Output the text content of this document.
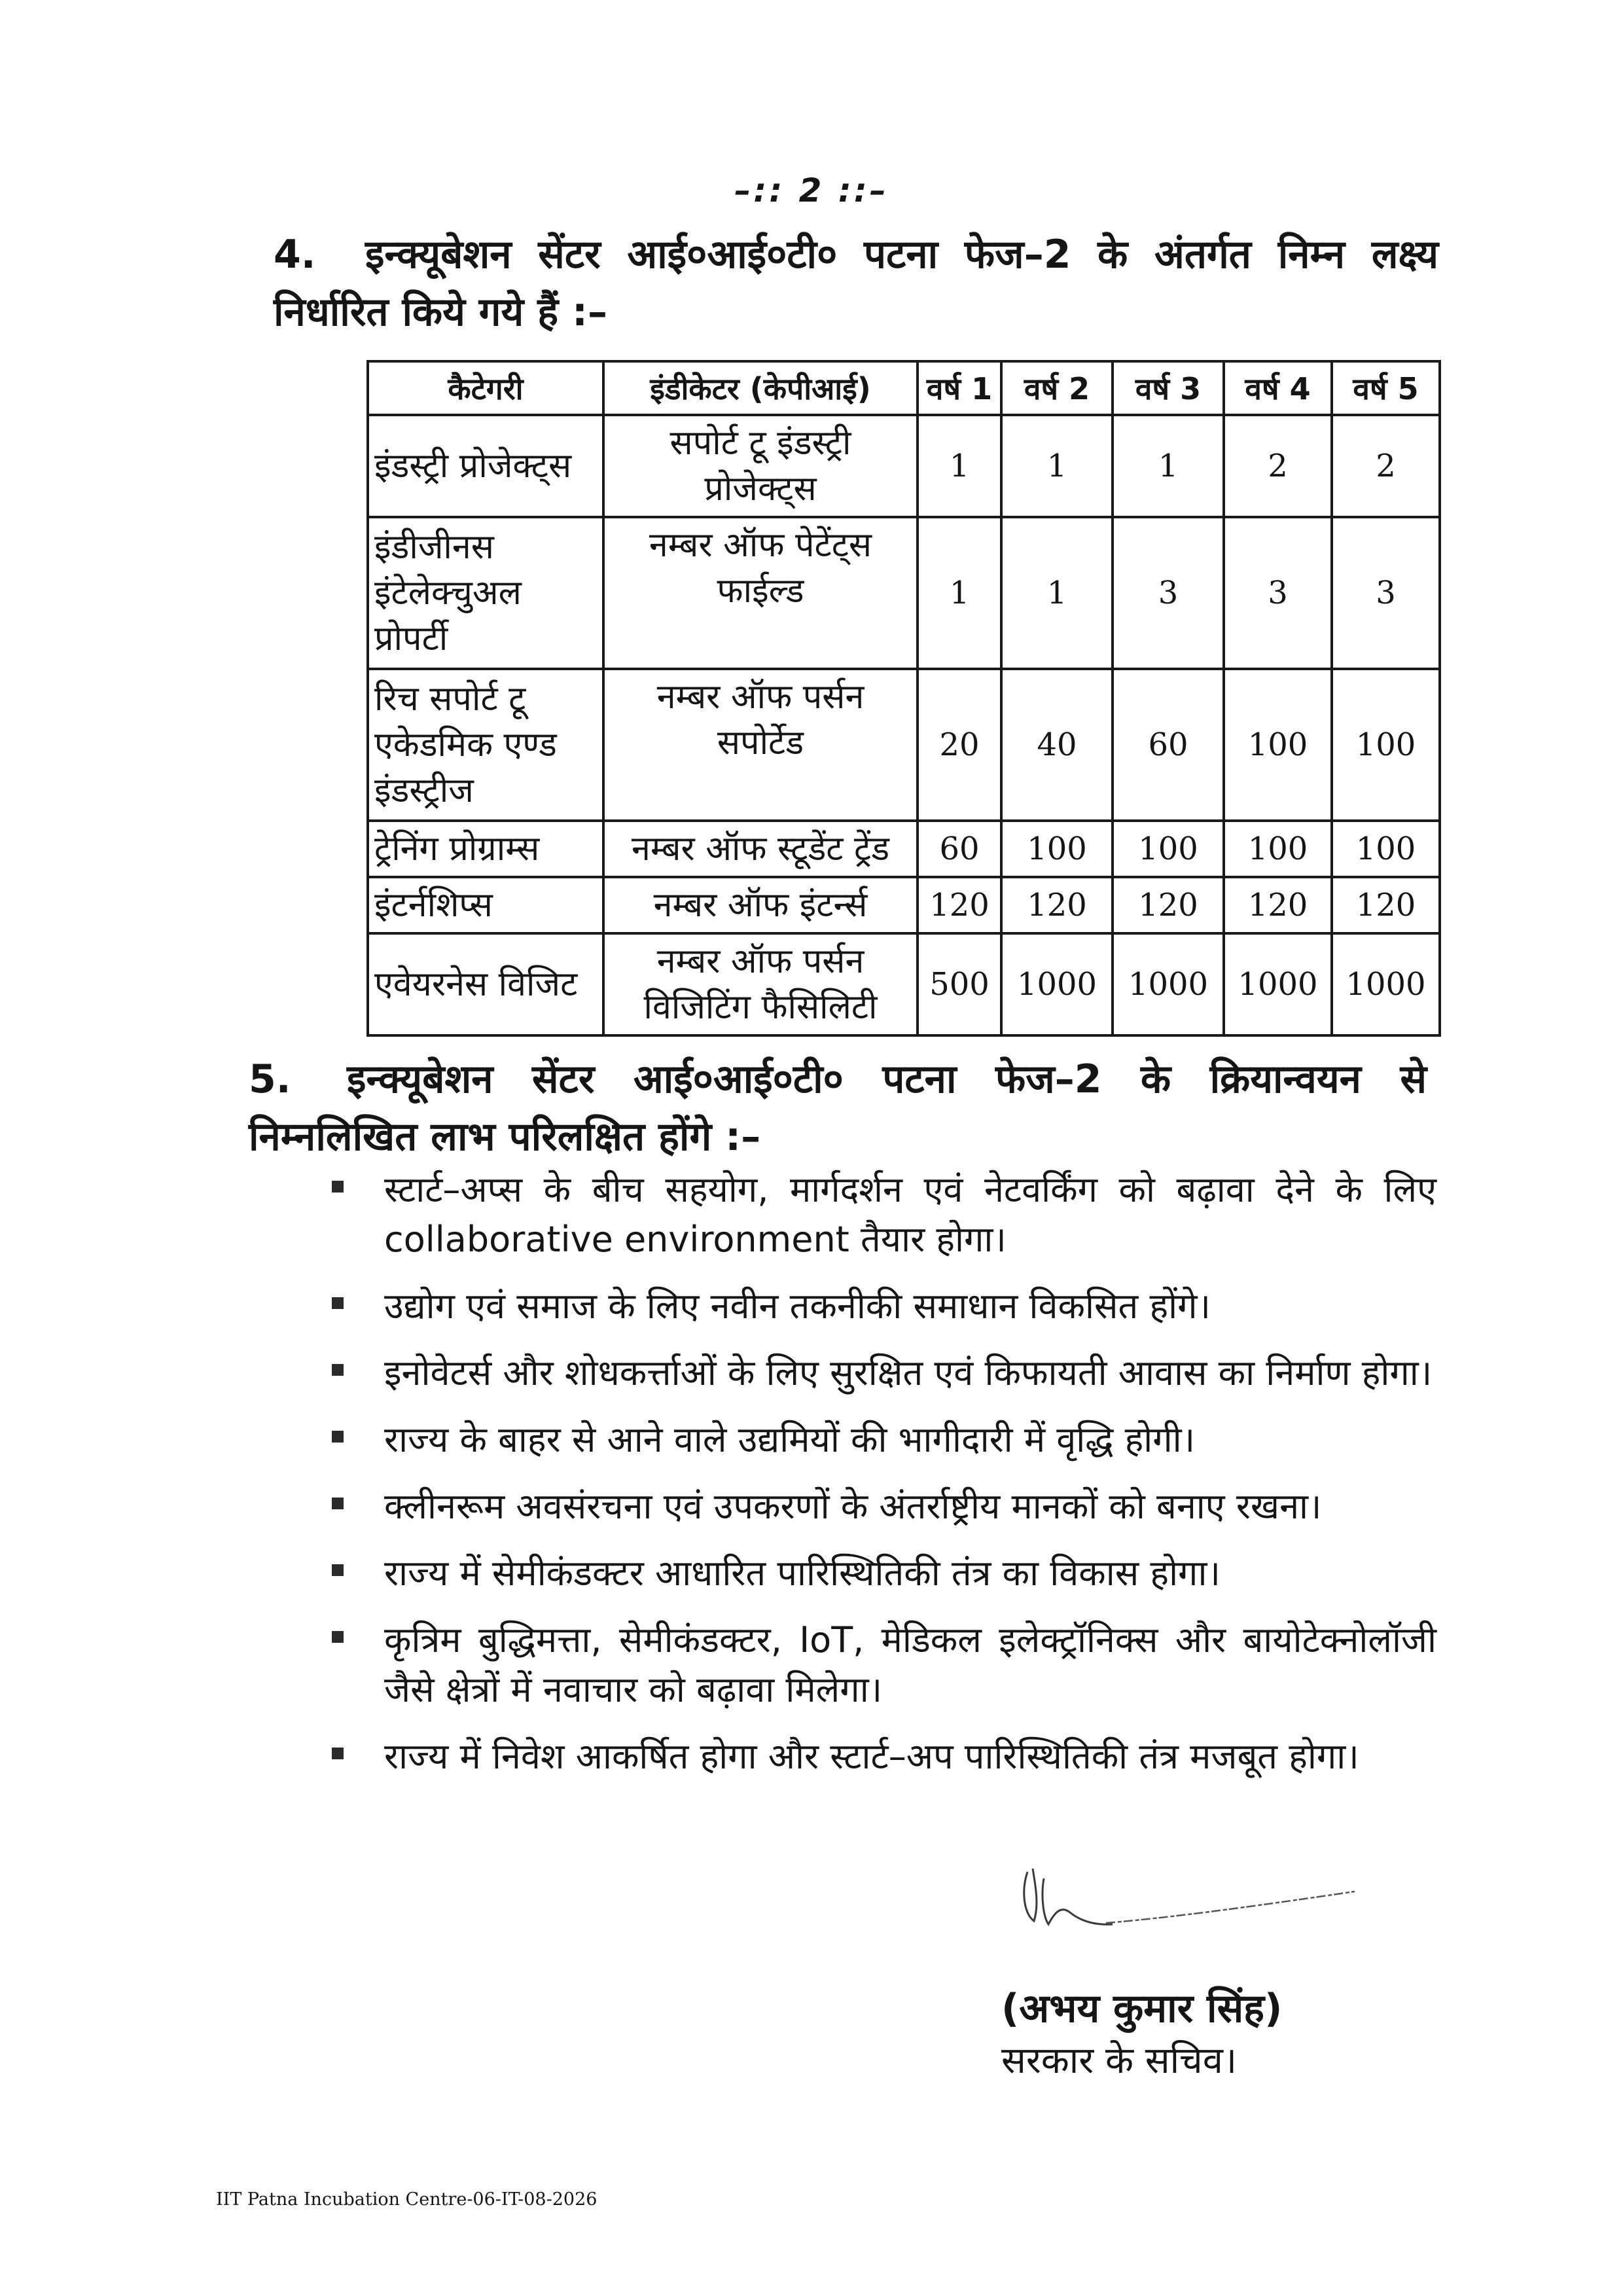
–:: 2 ::–
4. इन्क्यूबेशन सेंटर आई०आई०टी० पटना फेज–2 के अंतर्गत निम्न लक्ष्य
निर्धारित किये गये हैं :–
कैटेगरी	इंडीकेटर (केपीआई)	वर्ष 1	वर्ष 2	वर्ष 3	वर्ष 4	वर्ष 5
इंडस्ट्री प्रोजेक्ट्स	सपोर्ट टू इंडस्ट्री प्रोजेक्ट्स	1	1	1	2	2
इंडीजीनस इंटेलेक्चुअल प्रोपर्टी	नम्बर ऑफ पेटेंट्स फाईल्ड	1	1	3	3	3
रिच सपोर्ट टू एकेडमिक एण्ड इंडस्ट्रीज	नम्बर ऑफ पर्सन सपोर्टेड	20	40	60	100	100
ट्रेनिंग प्रोग्राम्स	नम्बर ऑफ स्टूडेंट ट्रेंड	60	100	100	100	100
इंटर्नशिप्स	नम्बर ऑफ इंटर्न्स	120	120	120	120	120
एवेयरनेस विजिट	नम्बर ऑफ पर्सन विजिटिंग फैसिलिटी	500	1000	1000	1000	1000
5. इन्क्यूबेशन सेंटर आई०आई०टी० पटना फेज–2 के क्रियान्वयन से
निम्नलिखित लाभ परिलक्षित होंगे :–
स्टार्ट–अप्स के बीच सहयोग, मार्गदर्शन एवं नेटवर्किंग को बढ़ावा देने के लिए collaborative environment तैयार होगा।
उद्योग एवं समाज के लिए नवीन तकनीकी समाधान विकसित होंगे।
इनोवेटर्स और शोधकर्त्ताओं के लिए सुरक्षित एवं किफायती आवास का निर्माण होगा।
राज्य के बाहर से आने वाले उद्यमियों की भागीदारी में वृद्धि होगी।
क्लीनरूम अवसंरचना एवं उपकरणों के अंतर्राष्ट्रीय मानकों को बनाए रखना।
राज्य में सेमीकंडक्टर आधारित पारिस्थितिकी तंत्र का विकास होगा।
कृत्रिम बुद्धिमत्ता, सेमीकंडक्टर, IoT, मेडिकल इलेक्ट्रॉनिक्स और बायोटेक्नोलॉजी जैसे क्षेत्रों में नवाचार को बढ़ावा मिलेगा।
राज्य में निवेश आकर्षित होगा और स्टार्ट–अप पारिस्थितिकी तंत्र मजबूत होगा।
(अभय कुमार सिंह)
सरकार के सचिव।
IIT Patna Incubation Centre-06-IT-08-2026
